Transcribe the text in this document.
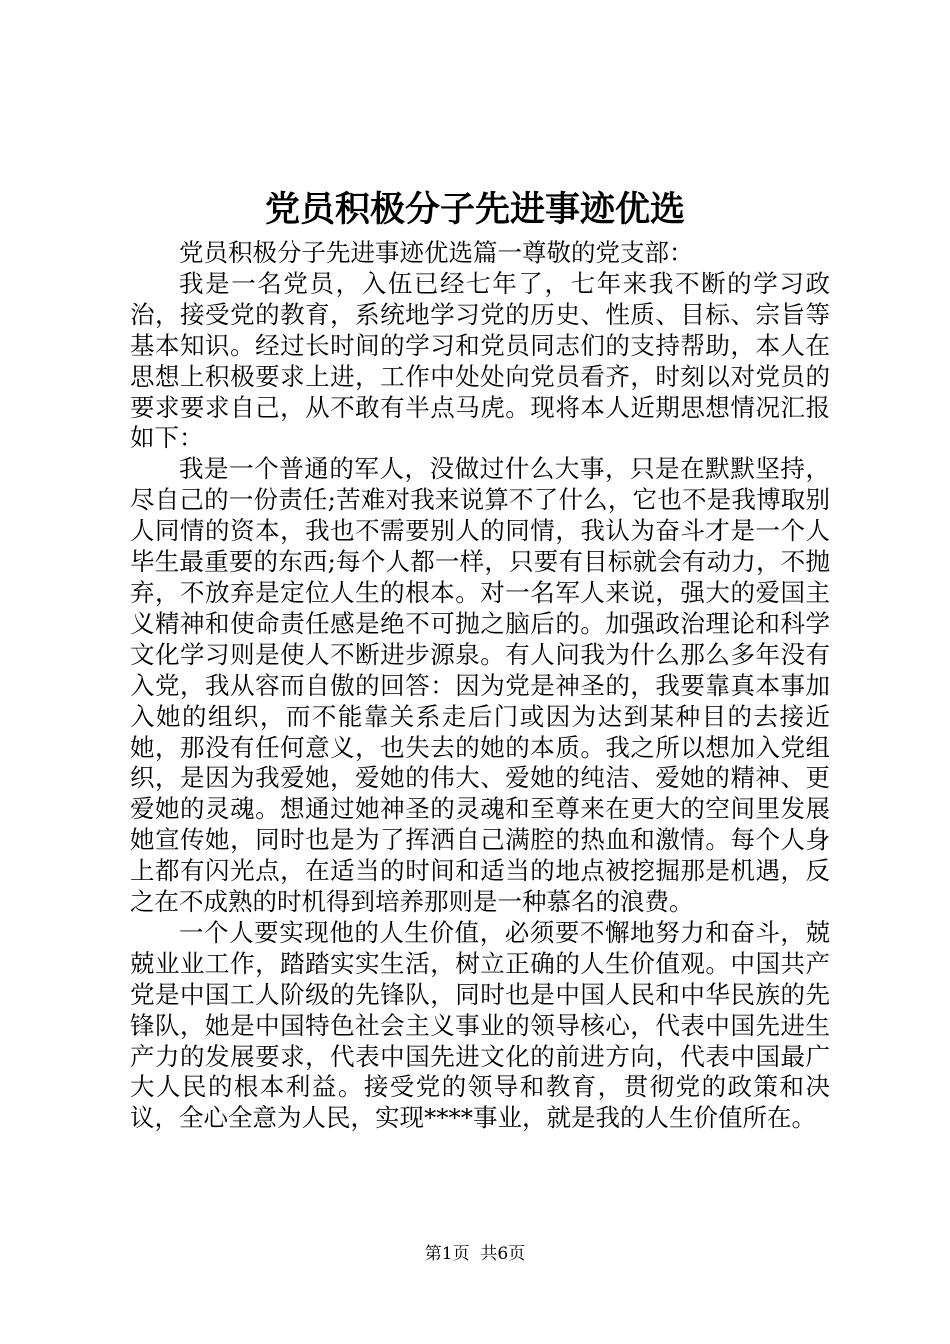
党员积极分子先进事迹优选

党员积极分子先进事迹优选篇一尊敬的党支部：

我是一名党员，入伍已经七年了，七年来我不断的学习政治，接受党的教育，系统地学习党的历史、性质、目标、宗旨等基本知识。经过长时间的学习和党员同志们的支持帮助，本人在思想上积极要求上进，工作中处处向党员看齐，时刻以对党员的要求要求自己，从不敢有半点马虎。现将本人近期思想情况汇报如下：

我是一个普通的军人，没做过什么大事，只是在默默坚持，尽自己的一份责任;苦难对我来说算不了什么，它也不是我博取别人同情的资本，我也不需要别人的同情，我认为奋斗才是一个人毕生最重要的东西;每个人都一样，只要有目标就会有动力，不抛弃，不放弃是定位人生的根本。对一名军人来说，强大的爱国主义精神和使命责任感是绝不可抛之脑后的。加强政治理论和科学文化学习则是使人不断进步源泉。有人问我为什么那么多年没有入党，我从容而自傲的回答：因为党是神圣的，我要靠真本事加入她的组织，而不能靠关系走后门或因为达到某种目的去接近她，那没有任何意义，也失去的她的本质。我之所以想加入党组织，是因为我爱她，爱她的伟大、爱她的纯洁、爱她的精神、更爱她的灵魂。想通过她神圣的灵魂和至尊来在更大的空间里发展她宣传她，同时也是为了挥洒自己满腔的热血和激情。每个人身上都有闪光点，在适当的时间和适当的地点被挖掘那是机遇，反之在不成熟的时机得到培养那则是一种慕名的浪费。

一个人要实现他的人生价值，必须要不懈地努力和奋斗，兢兢业业工作，踏踏实实生活，树立正确的人生价值观。中国共产党是中国工人阶级的先锋队，同时也是中国人民和中华民族的先锋队，她是中国特色社会主义事业的领导核心，代表中国先进生产力的发展要求，代表中国先进文化的前进方向，代表中国最广大人民的根本利益。接受党的领导和教育，贯彻党的政策和决议，全心全意为人民，实现****事业，就是我的人生价值所在。

第1页 共6页
